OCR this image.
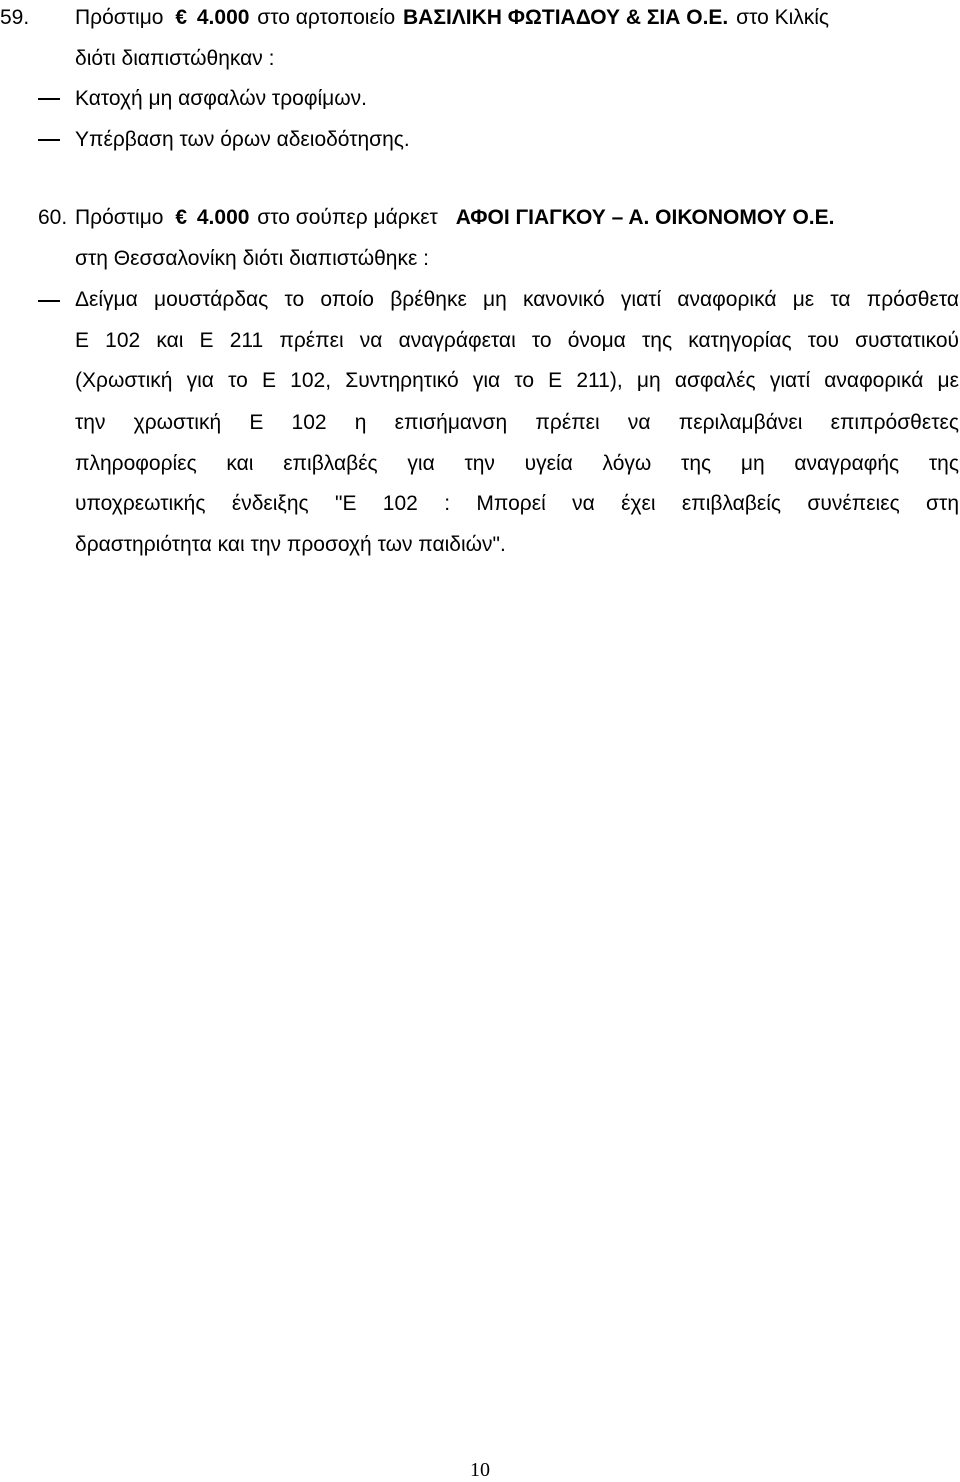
59. Πρόστιμο € 4.000 στο αρτοποιείο ΒΑΣΙΛΙΚΗ ΦΩΤΙΑΔΟΥ & ΣΙΑ Ο.Ε. στο Κιλκίς
διότι διαπιστώθηκαν :
Κατοχή μη ασφαλών τροφίμων.
Υπέρβαση των όρων αδειοδότησης.
60. Πρόστιμο € 4.000 στο σούπερ μάρκετ ΑΦΟΙ ΓΙΑΓΚΟΥ – Α. ΟΙΚΟΝΟΜΟΥ Ο.Ε.
στη Θεσσαλονίκη διότι διαπιστώθηκε :
Δείγμα μουστάρδας το οποίο βρέθηκε μη κανονικό γιατί αναφορικά με τα πρόσθετα
Ε 102 και Ε 211 πρέπει να αναγράφεται το όνομα της κατηγορίας του συστατικού
(Χρωστική για το Ε 102, Συντηρητικό για το Ε 211), μη ασφαλές γιατί αναφορικά με
την χρωστική Ε 102 η επισήμανση πρέπει να περιλαμβάνει επιπρόσθετες
πληροφορίες και επιβλαβές για την υγεία λόγω της μη αναγραφής της
υποχρεωτικής ένδειξης "Ε 102 : Μπορεί να έχει επιβλαβείς συνέπειες στη
δραστηριότητα και την προσοχή των παιδιών".
10
